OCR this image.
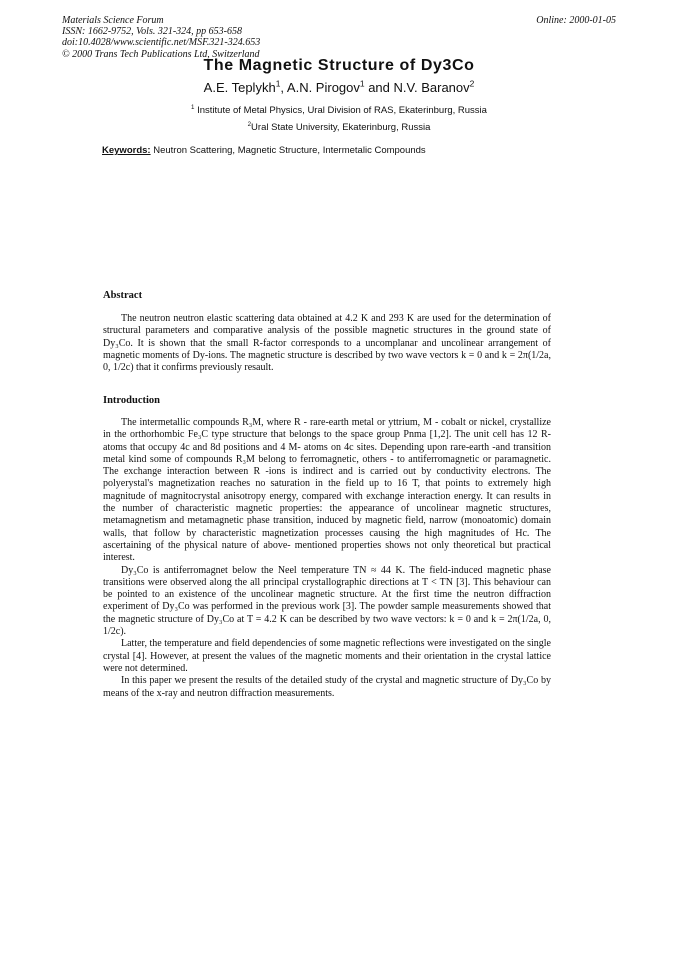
Materials Science Forum
ISSN: 1662-9752, Vols. 321-324, pp 653-658
doi:10.4028/www.scientific.net/MSF.321-324.653
© 2000 Trans Tech Publications Ltd, Switzerland
Online: 2000-01-05
The Magnetic Structure of Dy3Co
A.E. Teplykh$^1$, A.N. Pirogov$^1$ and N.V. Baranov$^2$
$^1$ Institute of Metal Physics, Ural Division of RAS, Ekaterinburg, Russia
$^2$Ural State University, Ekaterinburg, Russia
Keywords: Neutron Scattering, Magnetic Structure, Intermetalic Compounds
Abstract

The neutron neutron elastic scattering data obtained at 4.2 K and 293 K are used for the determination of structural parameters and comparative analysis of the possible magnetic structures in the ground state of Dy₃Co. It is shown that the small R-factor corresponds to a uncomplanar and uncolinear arrangement of magnetic moments of Dy-ions. The magnetic structure is described by two wave vectors k = 0 and k = 2π(1/2a, 0, 1/2c) that it confirms previously resault.

Introduction

The intermetallic compounds R₃M, where R - rare-earth metal or yttrium, M - cobalt or nickel, crystallize in the orthorhombic Fe₃C type structure that belongs to the space group Pnma [1,2]. The unit cell has 12 R- atoms that occupy 4c and 8d positions and 4 M- atoms on 4c sites. Depending upon rare-earth -and transition metal kind some of compounds R₃M belong to ferromagnetic, others - to antiferromagnetic or paramagnetic. The exchange interaction between R -ions is indirect and is carried out by conductivity electrons. The polyerystal's magnetization reaches no saturation in the field up to 16 T, that points to extremely high magnitude of magnitocrystal anisotropy energy, compared with exchange interaction energy. It can results in the number of characteristic magnetic properties: the appearance of uncolinear magnetic structures, metamagnetism and metamagnetic phase transition, induced by magnetic field, narrow (monoatomic) domain walls, that follow by characteristic magnetization processes causing the high magnitudes of Hc. The ascertaining of the physical nature of above- mentioned properties shows not only theoretical but practical interest.

Dy₃Co is antiferromagnet below the Neel temperature TN ≈ 44 K. The field-induced magnetic phase transitions were observed along the all principal crystallographic directions at T < TN [3]. This behaviour can be pointed to an existence of the uncolinear magnetic structure. At the first time the neutron diffraction experiment of Dy₃Co was performed in the previous work [3]. The powder sample measurements showed that the magnetic structure of Dy₃Co at T = 4.2 K can be described by two wave vectors: k = 0 and k = 2π(1/2a, 0, 1/2c).

Latter, the temperature and field dependencies of some magnetic reflections were investigated on the single crystal [4]. However, at present the values of the magnetic moments and their orientation in the crystal lattice were not determined.

In this paper we present the results of the detailed study of the crystal and magnetic structure of Dy₃Co by means of the x-ray and neutron diffraction measurements.
